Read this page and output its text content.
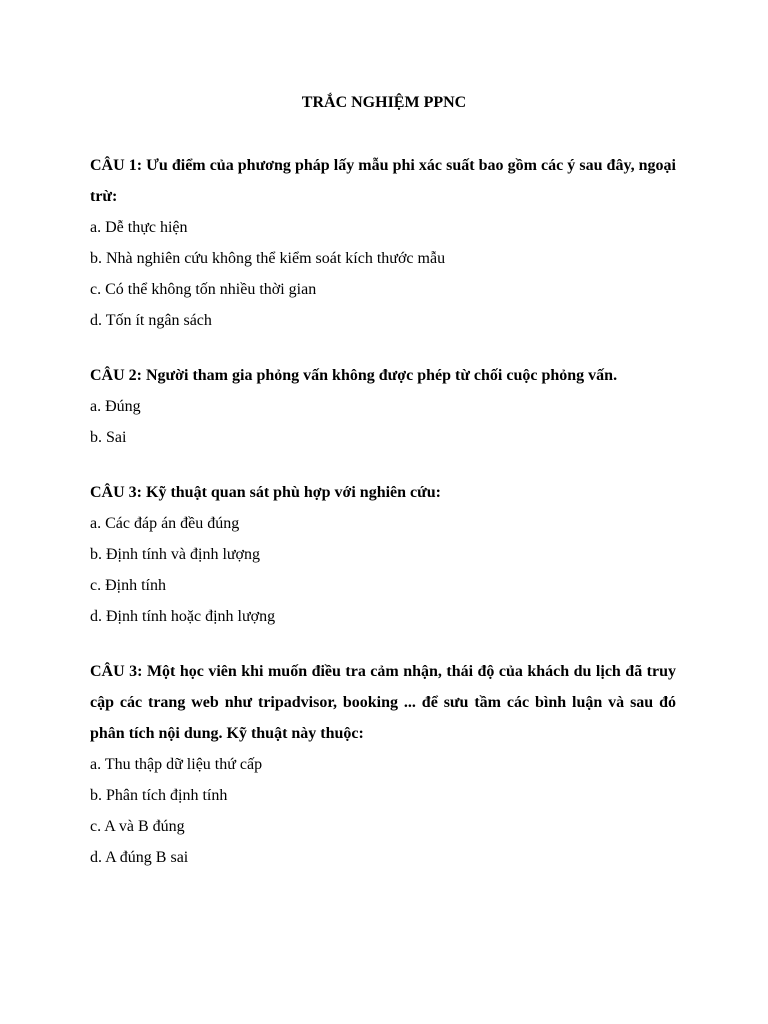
TRẮC NGHIỆM PPNC

CÂU 1: Ưu điểm của phương pháp lấy mẫu phi xác suất bao gồm các ý sau đây, ngoại trừ:

a. Dễ thực hiện
b. Nhà nghiên cứu không thể kiểm soát kích thước mẫu
c. Có thể không tốn nhiều thời gian
d. Tốn ít ngân sách

CÂU 2: Người tham gia phỏng vấn không được phép từ chối cuộc phỏng vấn.

a. Đúng
b. Sai

CÂU 3: Kỹ thuật quan sát phù hợp với nghiên cứu:

a. Các đáp án đều đúng
b. Định tính và định lượng
c. Định tính
d. Định tính hoặc định lượng

CÂU 3: Một học viên khi muốn điều tra cảm nhận, thái độ của khách du lịch đã truy cập các trang web như tripadvisor, booking ... để sưu tầm các bình luận và sau đó phân tích nội dung. Kỹ thuật này thuộc:

a. Thu thập dữ liệu thứ cấp
b. Phân tích định tính
c. A và B đúng
d. A đúng B sai
